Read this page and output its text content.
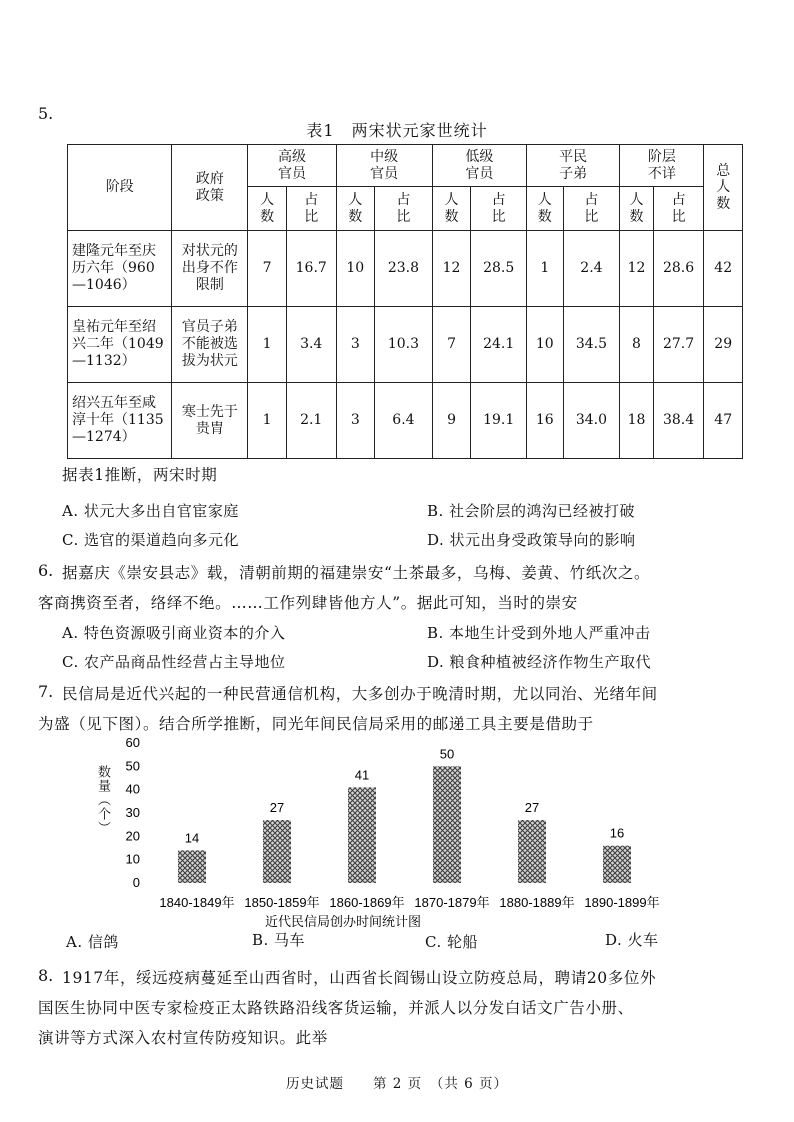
5.
表1　两宋状元家世统计
阶段	政府政策	高级官员		中级官员		低级官员		平民子弟		阶层不详		总人数

		人数	占比	人数	占比	人数	占比	人数	占比	人数	占比	

建隆元年至庆历六年（960—1046）	对状元的出身不作限制	7	16.7	10	23.8	12	28.5	1	2.4	12	28.6	42
皇祐元年至绍兴二年（1049—1132）	官员子弟不能被选拔为状元	1	3.4	3	10.3	7	24.1	10	34.5	8	27.7	29
绍兴五年至咸淳十年（1135—1274）	寒士先于贵胄	1	2.1	3	6.4	9	19.1	16	34.0	18	38.4	47
据表1推断，两宋时期
A. 状元大多出自官宦家庭	B. 社会阶层的鸿沟已经被打破
C. 选官的渠道趋向多元化	D. 状元出身受政策导向的影响
6. 据嘉庆《崇安县志》载，清朝前期的福建崇安“土茶最多，乌梅、姜黄、竹纸次之。
客商携资至者，络绎不绝。……工作列肆皆他方人”。据此可知，当时的崇安
A. 特色资源吸引商业资本的介入	B. 本地生计受到外地人严重冲击
C. 农产品商品性经营占主导地位	D. 粮食种植被经济作物生产取代
7. 民信局是近代兴起的一种民营通信机构，大多创办于晚清时期，尤以同治、光绪年间
为盛（见下图）。结合所学推断，同光年间民信局采用的邮递工具主要是借助于
0
10
20
30
40
50
60
14
27
41
50
27
16
1840-1849年 1850-1859年 1860-1869年 1870-1879年 1880-1889年 1890-1899年
近代民信局创办时间统计图
数量（个）
A. 信鸽	B. 马车	C. 轮船	D. 火车
8. 1917年，绥远疫病蔓延至山西省时，山西省长阎锡山设立防疫总局，聘请20多位外
国医生协同中医专家检疫正太路铁路沿线客货运输，并派人以分发白话文广告小册、
演讲等方式深入农村宣传防疫知识。此举
历史试题　　第 2 页　（共 6 页）
